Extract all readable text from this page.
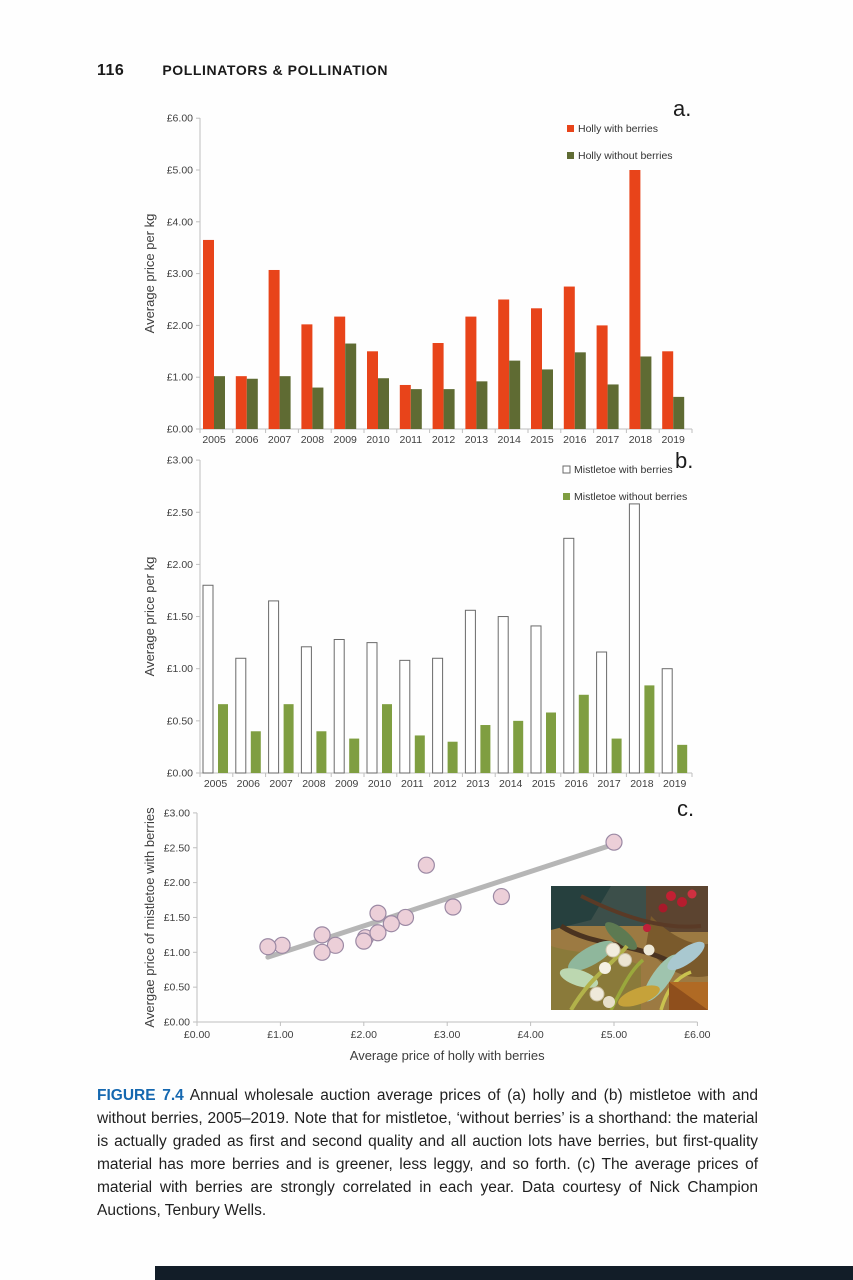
116	POLLINATORS & POLLINATION
£0.00
£1.00
£2.00
£3.00
£4.00
£5.00
£6.00
2005 2006 2007 2008 2009 2010 2011 2012 2013 2014 2015 2016 2017 2018 2019
Average price per kg
Holly with berries
Holly without berries
a.
£0.00
£0.50
£1.00
£1.50
£2.00
£2.50
£3.00
2005 2006 2007 2008 2009 2010 2011 2012 2013 2014 2015 2016 2017 2018 2019
Average price per kg
Mistletoe with berries
Mistletoe without berries
b.
£0.00
£0.50
£1.00
£1.50
£2.00
£2.50
£3.00
£0.00	£1.00	£2.00	£3.00	£4.00	£5.00	£6.00
Average price of holly with berries
Avergae price of mistletoe with berries	c.

FIGURE 7.4 Annual wholesale auction average prices of (a) holly and (b) mistletoe with and without berries, 2005–2019. Note that for mistletoe, ‘without berries’ is a shorthand: the material is actually graded as first and second quality and all auction lots have berries, but first-quality material has more berries and is greener, less leggy, and so forth. (c) The average prices of material with berries are strongly correlated in each year. Data courtesy of Nick Champion Auctions, Tenbury Wells.
